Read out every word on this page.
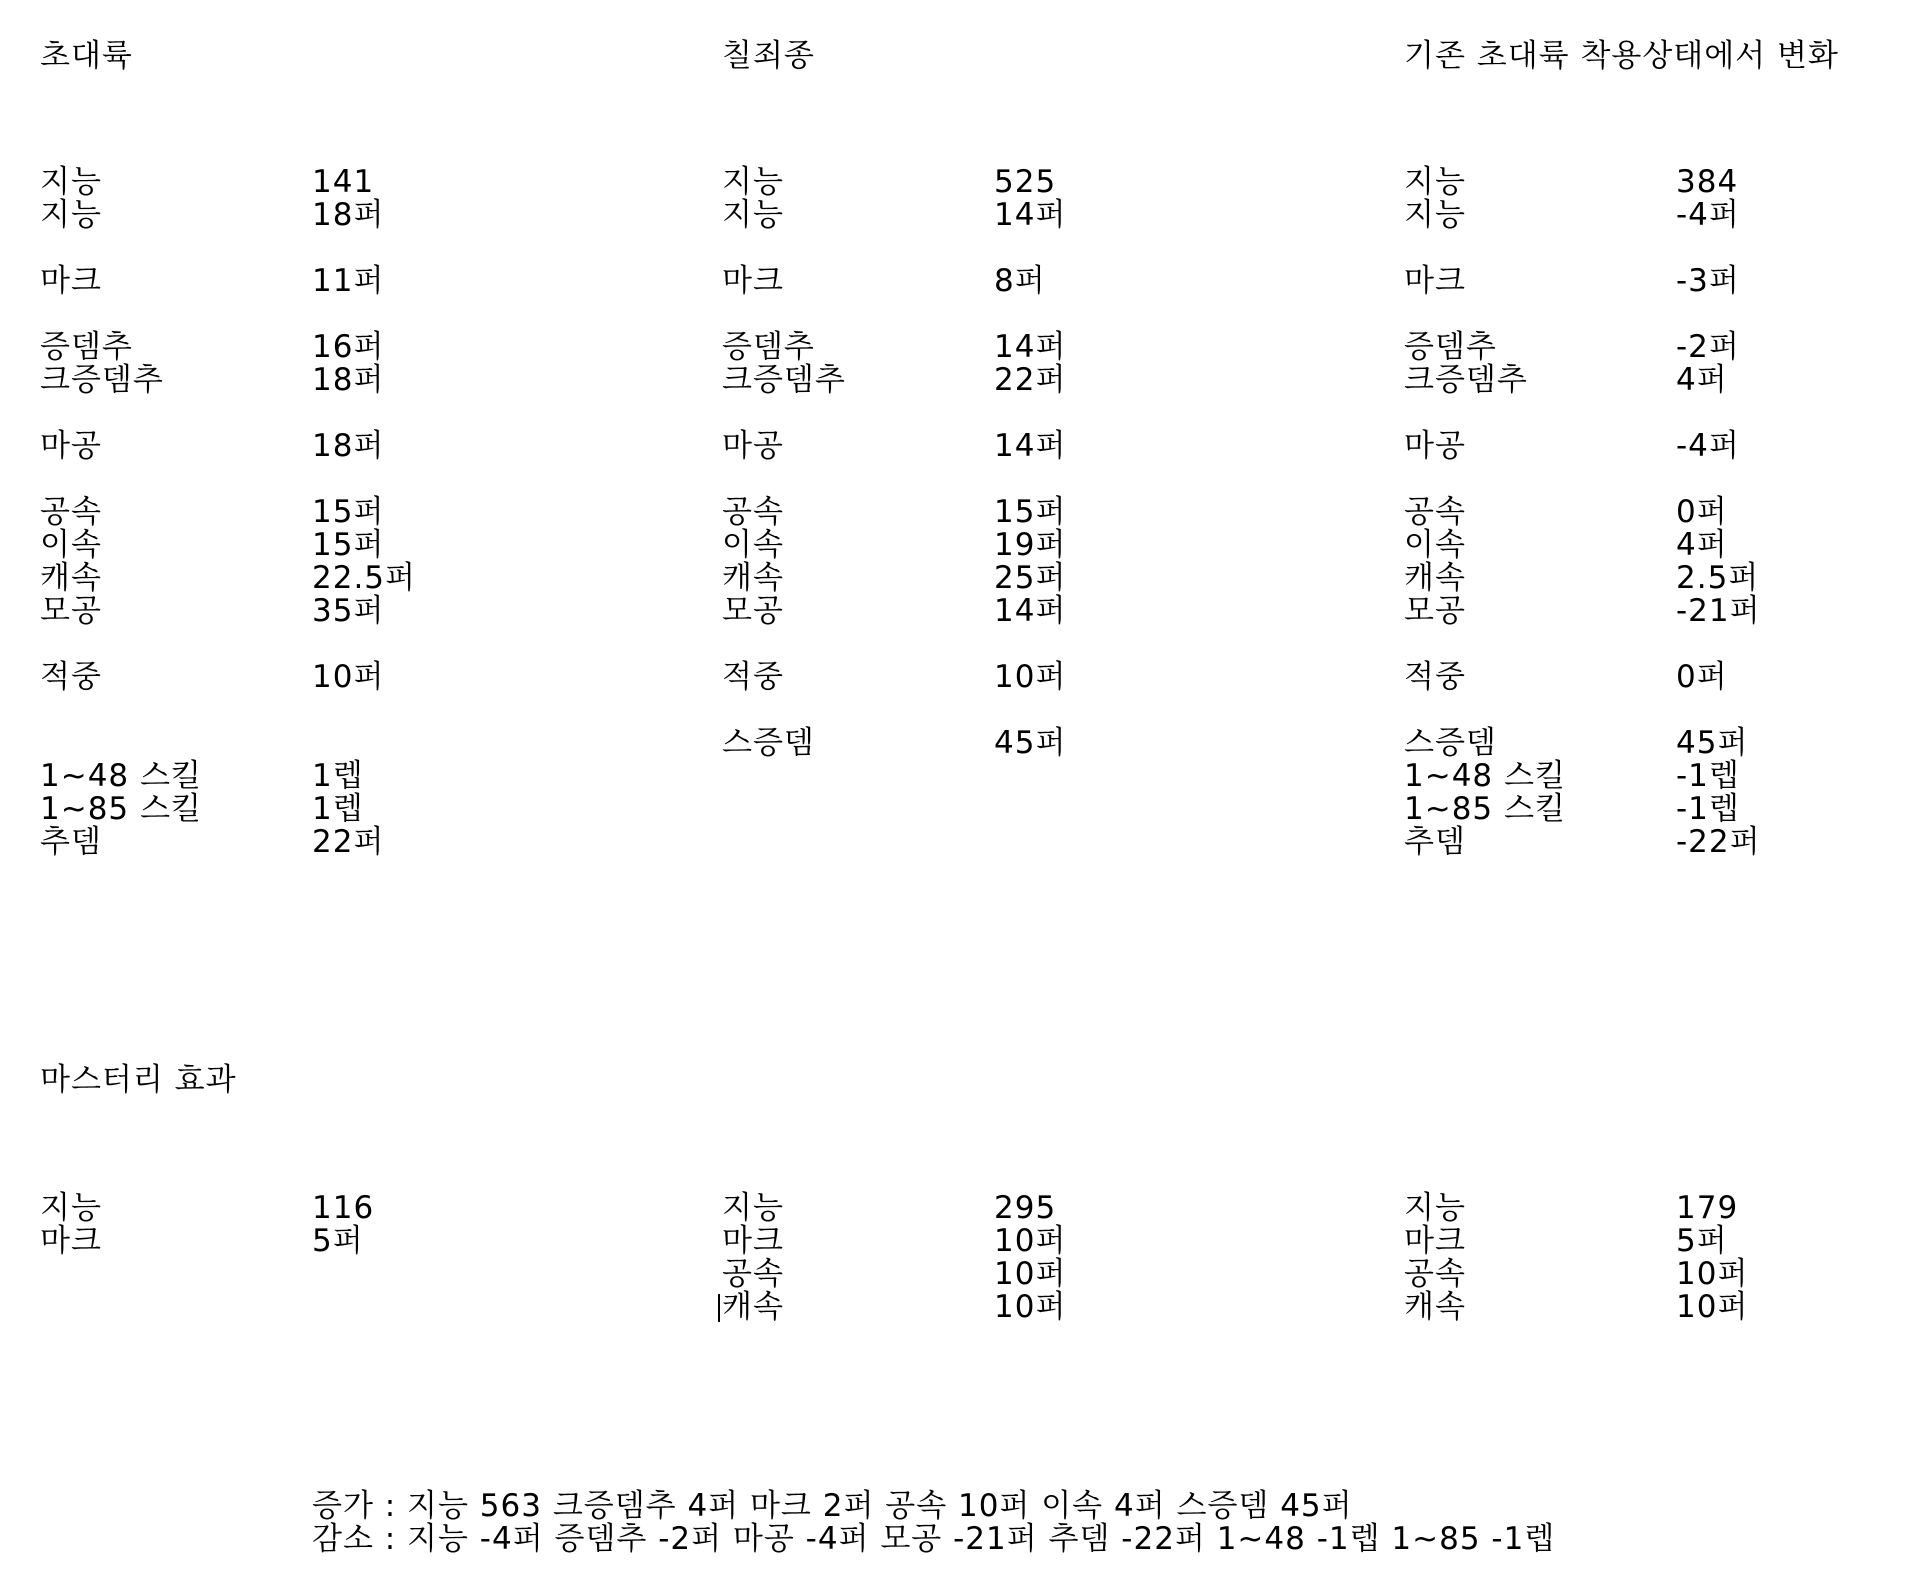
초대륙
지능	141
지능	18퍼
마크	11퍼
증뎀추	16퍼
크증뎀추	18퍼
마공	18퍼
공속	15퍼
이속	15퍼
캐속	22.5퍼
모공	35퍼
적중	10퍼
1~48 스킬	1렙
1~85 스킬	1렙
추뎀	22퍼
칠죄종
지능	525
지능	14퍼
마크	8퍼
증뎀추	14퍼
크증뎀추	22퍼
마공	14퍼
공속	15퍼
이속	19퍼
캐속	25퍼
모공	14퍼
적중	10퍼
스증뎀	45퍼
기존 초대륙 착용상태에서 변화
지능	384
지능	-4퍼
마크	-3퍼
증뎀추	-2퍼
크증뎀추	4퍼
마공	-4퍼
공속	0퍼
이속	4퍼
캐속	2.5퍼
모공	-21퍼
적중	0퍼
스증뎀	45퍼
1~48 스킬	-1렙
1~85 스킬	-1렙
추뎀	-22퍼
마스터리 효과
지능	116
마크	5퍼
지능	295
마크	10퍼
공속	10퍼
캐속	10퍼
지능	179
마크	5퍼
공속	10퍼
캐속	10퍼
증가 : 지능 563 크증뎀추 4퍼 마크 2퍼 공속 10퍼 이속 4퍼 스증뎀 45퍼
감소 : 지능 -4퍼 증뎀추 -2퍼 마공 -4퍼 모공 -21퍼 추뎀 -22퍼 1~48 -1렙 1~85 -1렙
